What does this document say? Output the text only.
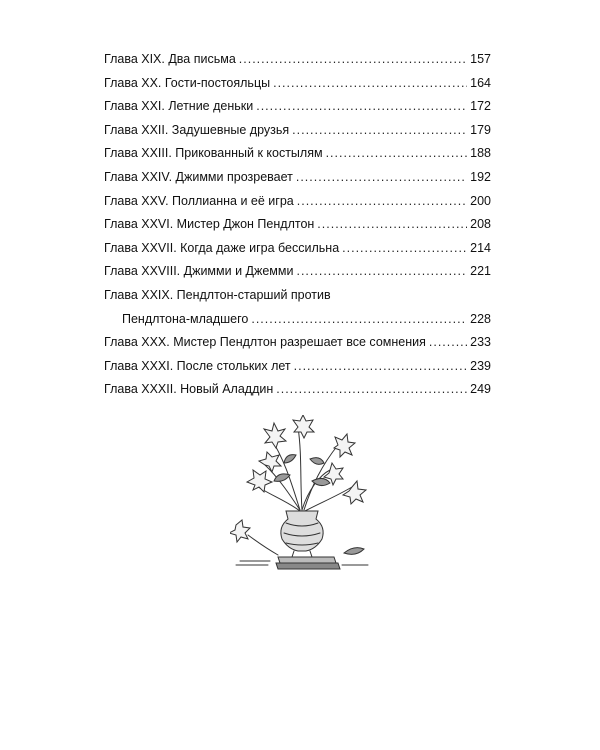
Глава XIX. Два письма .....	157
Глава XX. Гости-постояльцы .....	164
Глава XXI. Летние деньки .....	172
Глава XXII. Задушевные друзья .....	179
Глава XXIII. Прикованный к костылям .....	188
Глава XXIV. Джимми прозревает .....	192
Глава XXV. Поллианна и её игра .....	200
Глава XXVI. Мистер Джон Пендлтон .....	208
Глава XXVII. Когда даже игра бессильна .....	214
Глава XXVIII. Джимми и Джемми .....	221
Глава XXIX. Пендлтон-старший против
Пендлтона-младшего .....	228
Глава XXX. Мистер Пендлтон разрешает все сомнения .....	233
Глава XXXI. После стольких лет .....	239
Глава XXXII. Новый Аладдин .....	249
